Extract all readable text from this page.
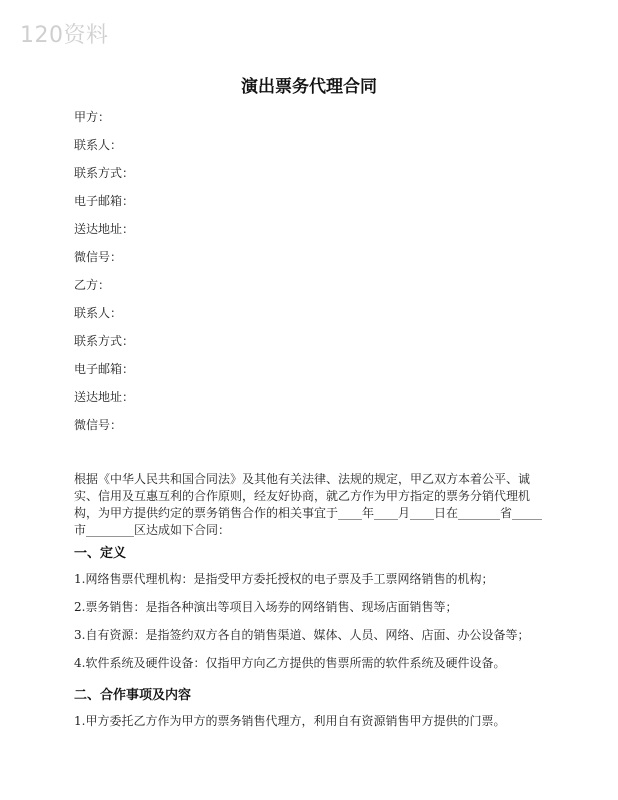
120资料
演出票务代理合同
甲方：
联系人：
联系方式：
电子邮箱：
送达地址：
微信号：
乙方：
联系人：
联系方式：
电子邮箱：
送达地址：
微信号：

根据《中华人民共和国合同法》及其他有关法律、法规的规定，甲乙双方本着公平、诚

实、信用及互惠互利的合作原则，经友好协商，就乙方作为甲方指定的票务分销代理机

构，为甲方提供约定的票务销售合作的相关事宜于____年____月____日在_______省_____

市________区达成如下合同：

一、定义
1.网络售票代理机构：是指受甲方委托授权的电子票及手工票网络销售的机构；
2.票务销售：是指各种演出等项目入场券的网络销售、现场店面销售等；
3.自有资源：是指签约双方各自的销售渠道、媒体、人员、网络、店面、办公设备等；
4.软件系统及硬件设备：仅指甲方向乙方提供的售票所需的软件系统及硬件设备。
二、合作事项及内容
1.甲方委托乙方作为甲方的票务销售代理方，利用自有资源销售甲方提供的门票。
